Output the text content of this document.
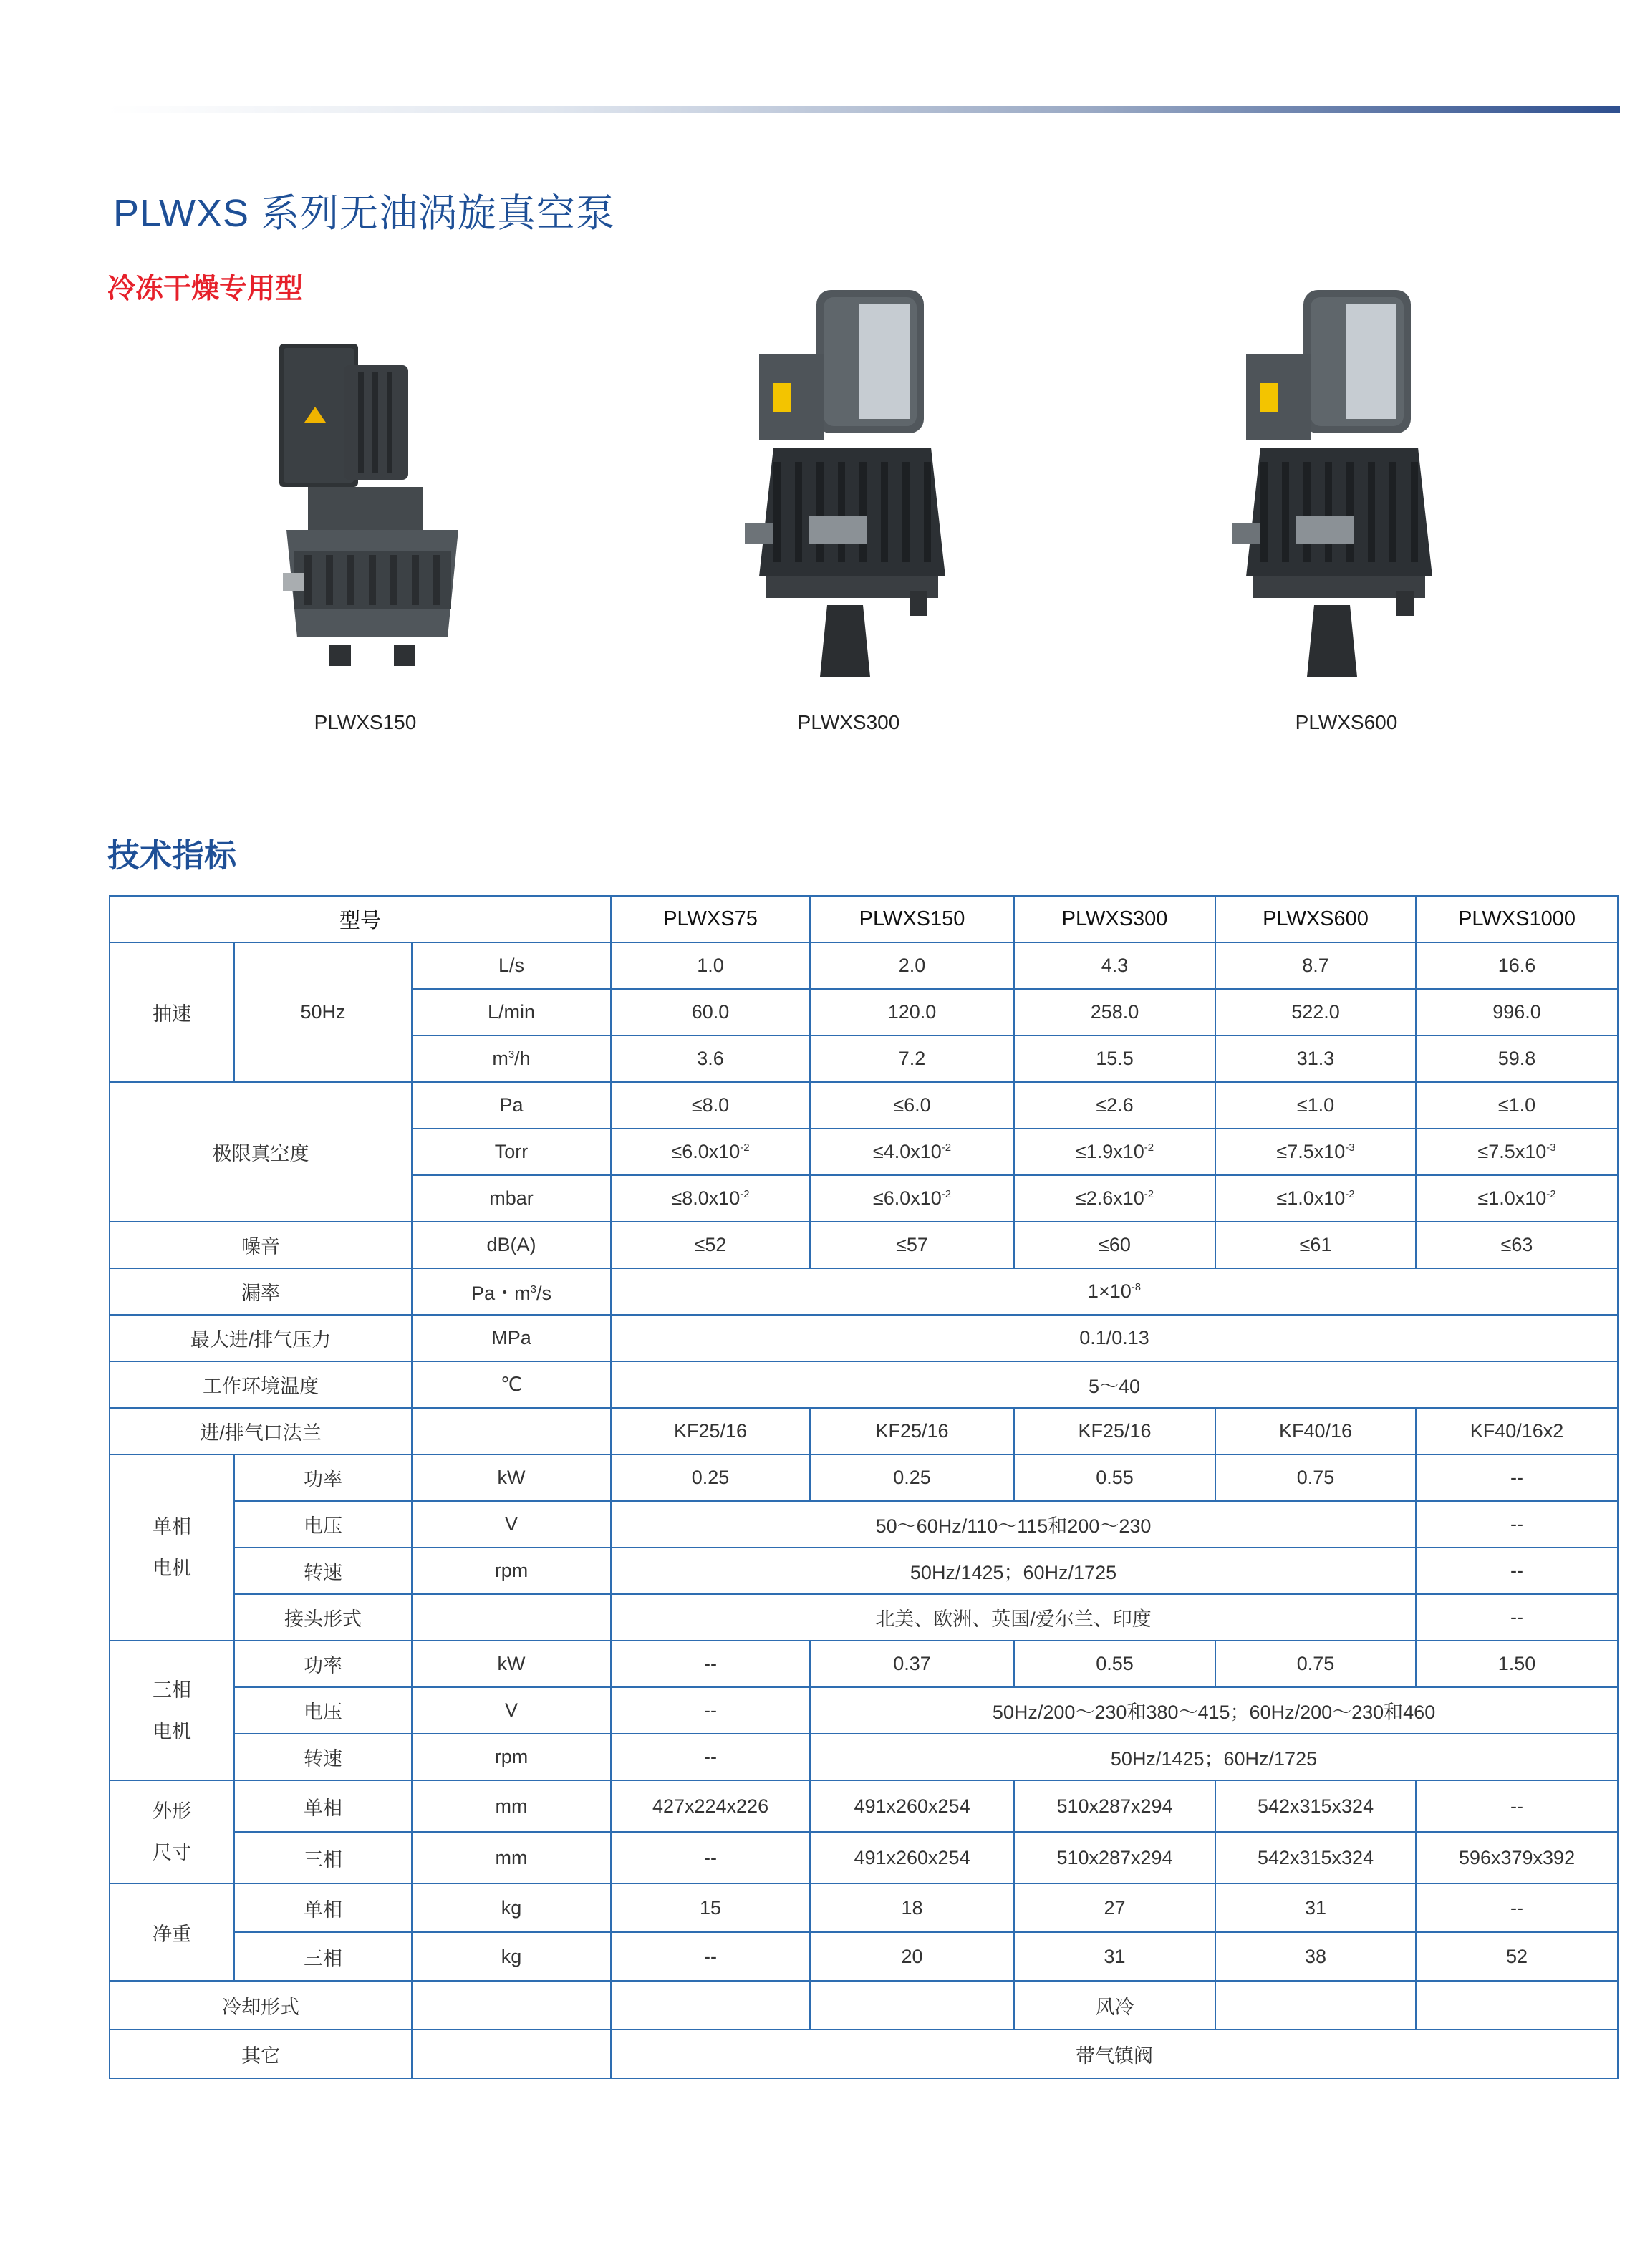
PLWXS 系列无油涡旋真空泵
冷冻干燥专用型
PLWXS150	PLWXS300	PLWXS600
技术指标
型号			PLWXS75	PLWXS150	PLWXS300	PLWXS600	PLWXS1000
抽速	50Hz	L/s	1.0	2.0	4.3	8.7	16.6
		L/min	60.0	120.0	258.0	522.0	996.0
		$m^3/h$	3.6	7.2	15.5	31.3	59.8
极限真空度		Pa	≤8.0	≤6.0	≤2.6	≤1.0	≤1.0
		Torr	$\le 6.0x10^{-2}$	$\le 4.0x10^{-2}$	$\le 1.9x10^{-2}$	$\le 7.5x10^{-3}$	$\le 7.5x10^{-3}$
		mbar	$\le 8.0x10^{-2}$	$\le 6.0x10^{-2}$	$\le 2.6x10^{-2}$	$\le 1.0x10^{-2}$	$\le 1.0x10^{-2}$
噪音		dB(A)	≤52	≤57	≤60	≤61	≤63
漏率		Pa・$m^3/s$	$1\times 10^{-8}$
最大进/排气压力		MPa	0.1/0.13				
工作环境温度		℃	5～40				
进/排气口法兰			KF25/16	KF25/16	KF25/16	KF40/16	KF40/16x2

单相
电机	功率	kW	0.25	0.25	0.55	0.75	--
	电压	V	50～60Hz/110～115和200～230				--
	转速	rpm	50Hz/1425；60Hz/1725				--
	接头形式		北美、欧洲、英国/爱尔兰、印度				--

三相
电机	功率	kW	--	0.37	0.55	0.75	1.50
	电压	V	--	50Hz/200～230和380～415；60Hz/200～230和460			
	转速	rpm	--	50Hz/1425；60Hz/1725			

外形
尺寸	单相	mm	427x224x226	491x260x254	510x287x294	542x315x324	--
	三相	mm	--	491x260x254	510x287x294	542x315x324	596x379x392
净重	单相	kg	15	18	27	31	--
	三相	kg	--	20	31	38	52
冷却形式					风冷		
其它			带气镇阀				
